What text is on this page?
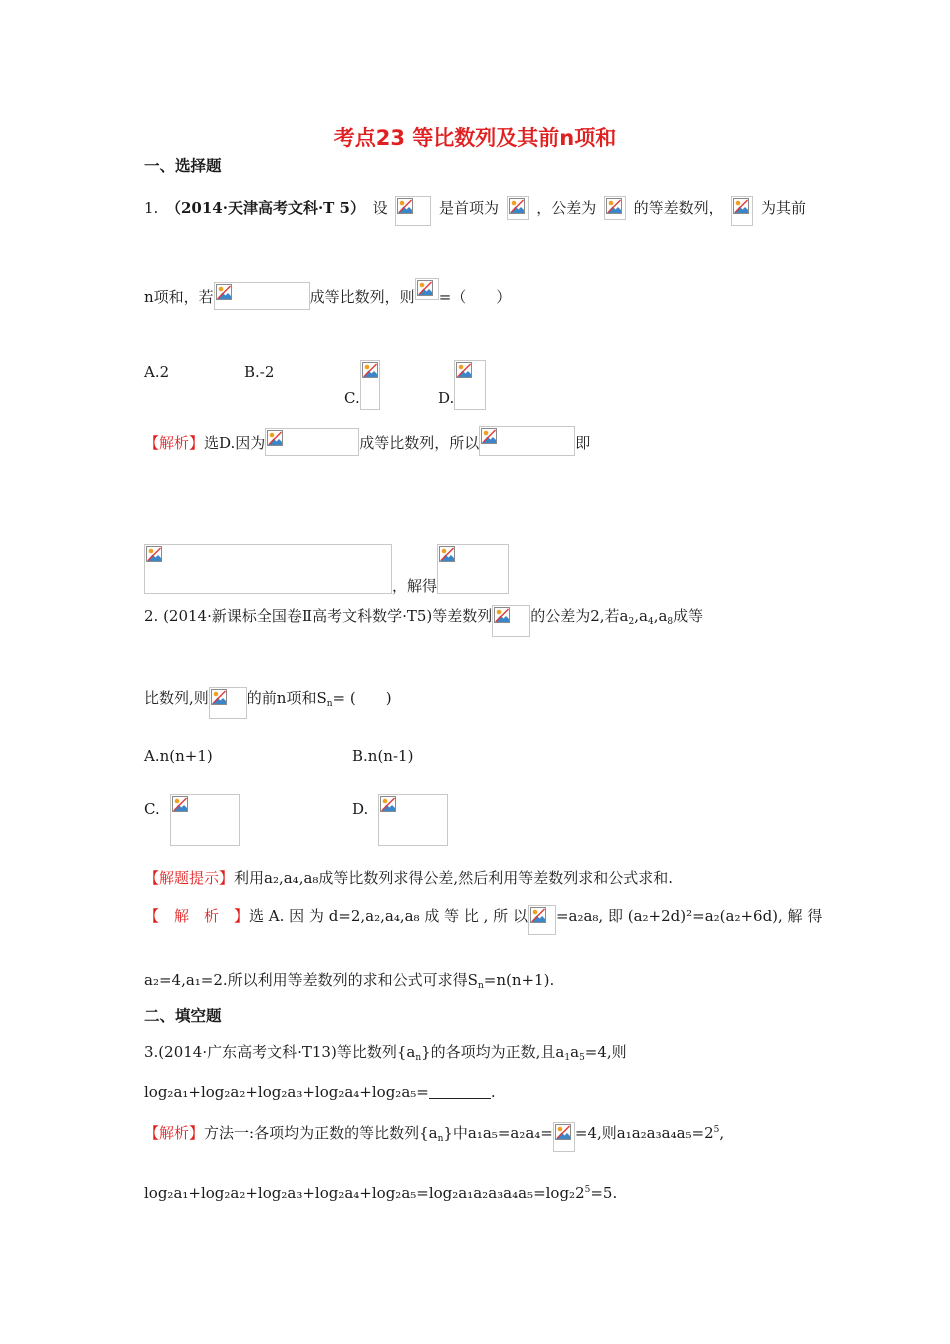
考点23 等比数列及其前n项和
一、选择题
1. （2014·天津高考文科·T 5） 设	是首项为 ，公差为 的等差数列， 为其前
n项和，若	成等比数列，则 =（　　）
A.2	B.-2
C.	D.
【解析】选D.因为	成等比数列，所以	即
，解得
2. (2014·新课标全国卷Ⅱ高考文科数学·T5)等差数列	的公差为2,若$a_2,a_4,a_8$成等
比数列,则	的前n项和$S_n=$ (　　)
A.n(n+1)	B.n(n-1)
C.	D.
【解题提示】利用a₂,a₄,a₈成等比数列求得公差,然后利用等差数列求和公式求和.
【　解　析　】选 A. 因 为 d=2,a₂,a₄,a₈ 成 等 比 , 所 以 =a₂a₈, 即 (a₂+2d)²=a₂(a₂+6d), 解 得
a₂=4,a₁=2.所以利用等差数列的求和公式可求得$S_n=n(n+1)$.
二、填空题
3.(2014·广东高考文科·T13)等比数列$\{a_n\}$的各项均为正数,且$a_1a_5=4$,则
log₂a₁+log₂a₂+log₂a₃+log₂a₄+log₂a₅=	.
【解析】方法一:各项均为正数的等比数列$\{a_n\}$中a₁a₅=a₂a₄= =4,则$a_1a_2a_3a_4a_5=2^5$,
$\log_2a_1+\log_2a_2+\log_2a_3+\log_2a_4+\log_2a_5=\log_2a_1a_2a_3a_4a_5=\log_22^5=5$.
